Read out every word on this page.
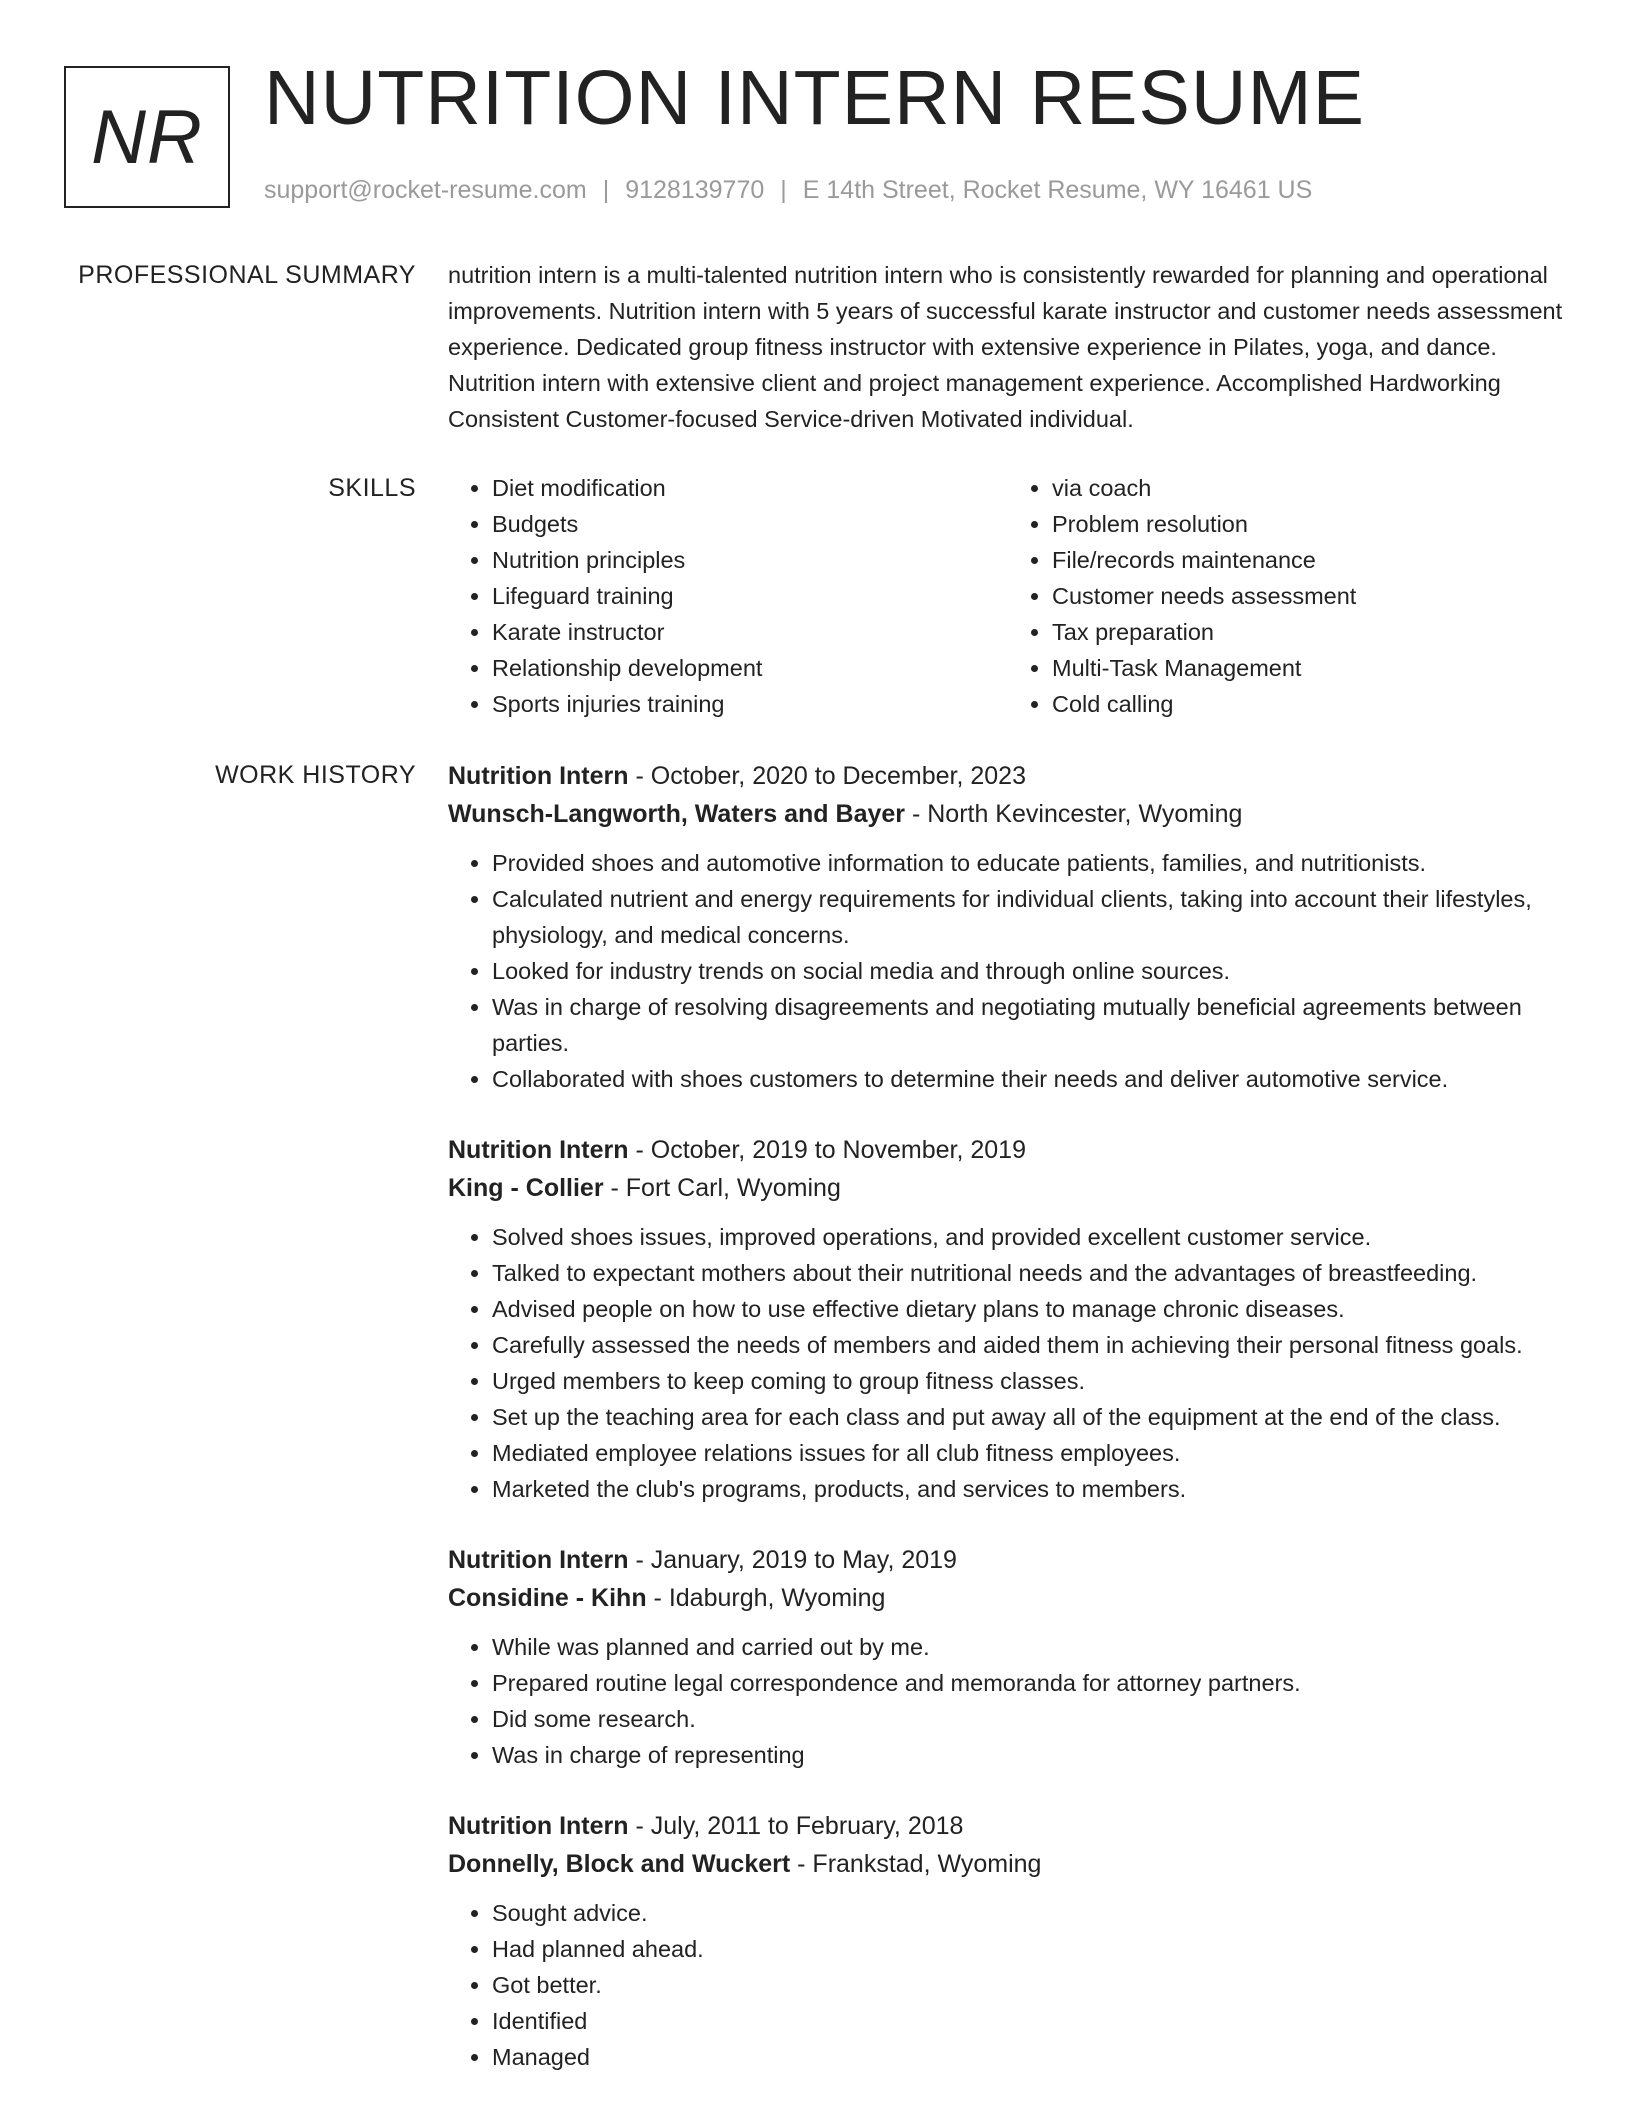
NR NUTRITION INTERN RESUME
support@rocket-resume.com | 9128139770 | E 14th Street, Rocket Resume, WY 16461 US
PROFESSIONAL SUMMARY nutrition intern is a multi-talented nutrition intern who is consistently rewarded for planning and operational improvements. Nutrition intern with 5 years of successful karate instructor and customer needs assessment experience. Dedicated group fitness instructor with extensive experience in Pilates, yoga, and dance. Nutrition intern with extensive client and project management experience. Accomplished Hardworking Consistent Customer-focused Service-driven Motivated individual.
SKILLS
•	Diet modification
• Budgets
• Nutrition principles
• Lifeguard training
• Karate instructor
• Relationship development
• Sports injuries training
• via coach
• Problem resolution
• File/records maintenance
• Customer needs assessment
• Tax preparation
• Multi-Task Management
• Cold calling
WORK HISTORY Nutrition Intern - October, 2020 to December, 2023
Wunsch-Langworth, Waters and Bayer - North Kevincester, Wyoming
• Provided shoes and automotive information to educate patients, families, and nutritionists.
• Calculated nutrient and energy requirements for individual clients, taking into account their lifestyles, physiology, and medical concerns.
• Looked for industry trends on social media and through online sources.
• Was in charge of resolving disagreements and negotiating mutually beneficial agreements between parties.
• Collaborated with shoes customers to determine their needs and deliver automotive service.
Nutrition Intern - October, 2019 to November, 2019
King - Collier - Fort Carl, Wyoming
• Solved shoes issues, improved operations, and provided excellent customer service.
• Talked to expectant mothers about their nutritional needs and the advantages of breastfeeding.
• Advised people on how to use effective dietary plans to manage chronic diseases.
• Carefully assessed the needs of members and aided them in achieving their personal fitness goals.
• Urged members to keep coming to group fitness classes.
• Set up the teaching area for each class and put away all of the equipment at the end of the class.
• Mediated employee relations issues for all club fitness employees.
• Marketed the club's programs, products, and services to members.
Nutrition Intern - January, 2019 to May, 2019
Considine - Kihn - Idaburgh, Wyoming
• While was planned and carried out by me.
• Prepared routine legal correspondence and memoranda for attorney partners.
• Did some research.
• Was in charge of representing
Nutrition Intern - July, 2011 to February, 2018
Donnelly, Block and Wuckert - Frankstad, Wyoming
• Sought advice.
• Had planned ahead.
• Got better.
• Identified
• Managed
